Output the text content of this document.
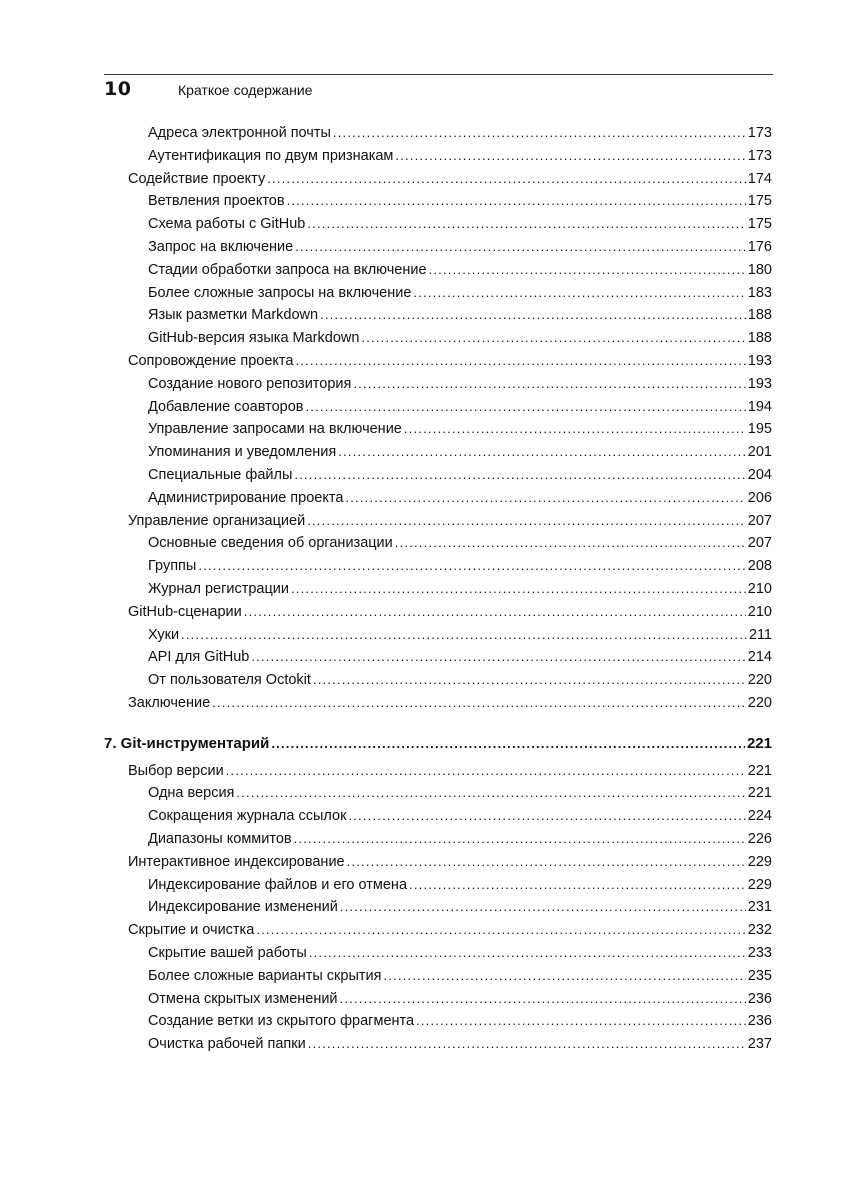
10	Краткое содержание
Адреса электронной почты .....	173
Аутентификация по двум признакам .....	173
Содействие проекту .....	174
Ветвления проектов .....	175
Схема работы с GitHub .....	175
Запрос на включение .....	176
Стадии обработки запроса на включение .....	180
Более сложные запросы на включение .....	183
Язык разметки Markdown .....	188
GitHub-версия языка Markdown .....	188
Сопровождение проекта .....	193
Создание нового репозитория .....	193
Добавление соавторов .....	194
Управление запросами на включение .....	195
Упоминания и уведомления .....	201
Специальные файлы .....	204
Администрирование проекта .....	206
Управление организацией .....	207
Основные сведения об организации .....	207
Группы .....	208
Журнал регистрации .....	210
GitHub-сценарии .....	210
Хуки .....	211
API для GitHub .....	214
От пользователя Octokit .....	220
Заключение .....	220
7. Git-инструментарий .....	221
Выбор версии .....	221
Одна версия .....	221
Сокращения журнала ссылок .....	224
Диапазоны коммитов .....	226
Интерактивное индексирование .....	229
Индексирование файлов и его отмена .....	229
Индексирование изменений .....	231
Скрытие и очистка .....	232
Скрытие вашей работы .....	233
Более сложные варианты скрытия .....	235
Отмена скрытых изменений .....	236
Создание ветки из скрытого фрагмента .....	236
Очистка рабочей папки .....	237
